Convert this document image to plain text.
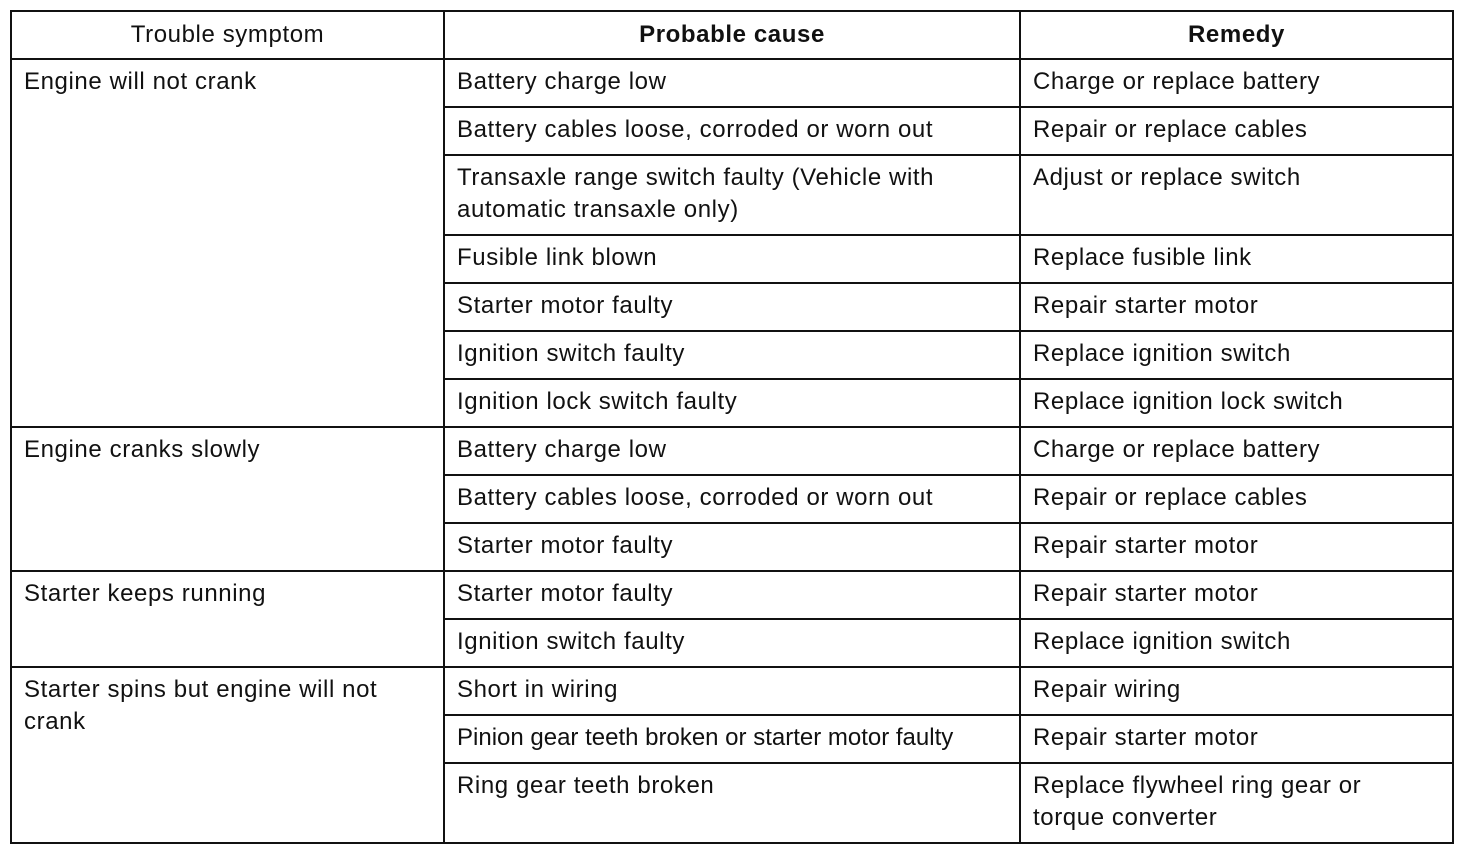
Trouble symptom	Probable cause	Remedy
Engine will not crank	Battery charge low	Charge or replace battery
	Battery cables loose, corroded or worn out	Repair or replace cables
	Transaxle range switch faulty (Vehicle with automatic transaxle only)	Adjust or replace switch
	Fusible link blown	Replace fusible link
	Starter motor faulty	Repair starter motor
	Ignition switch faulty	Replace ignition switch
	Ignition lock switch faulty	Replace ignition lock switch
Engine cranks slowly	Battery charge low	Charge or replace battery
	Battery cables loose, corroded or worn out	Repair or replace cables
	Starter motor faulty	Repair starter motor
Starter keeps running	Starter motor faulty	Repair starter motor
	Ignition switch faulty	Replace ignition switch
Starter spins but engine will not crank	Short in wiring	Repair wiring
	Pinion gear teeth broken or starter motor faulty	Repair starter motor
	Ring gear teeth broken	Replace flywheel ring gear or torque converter
